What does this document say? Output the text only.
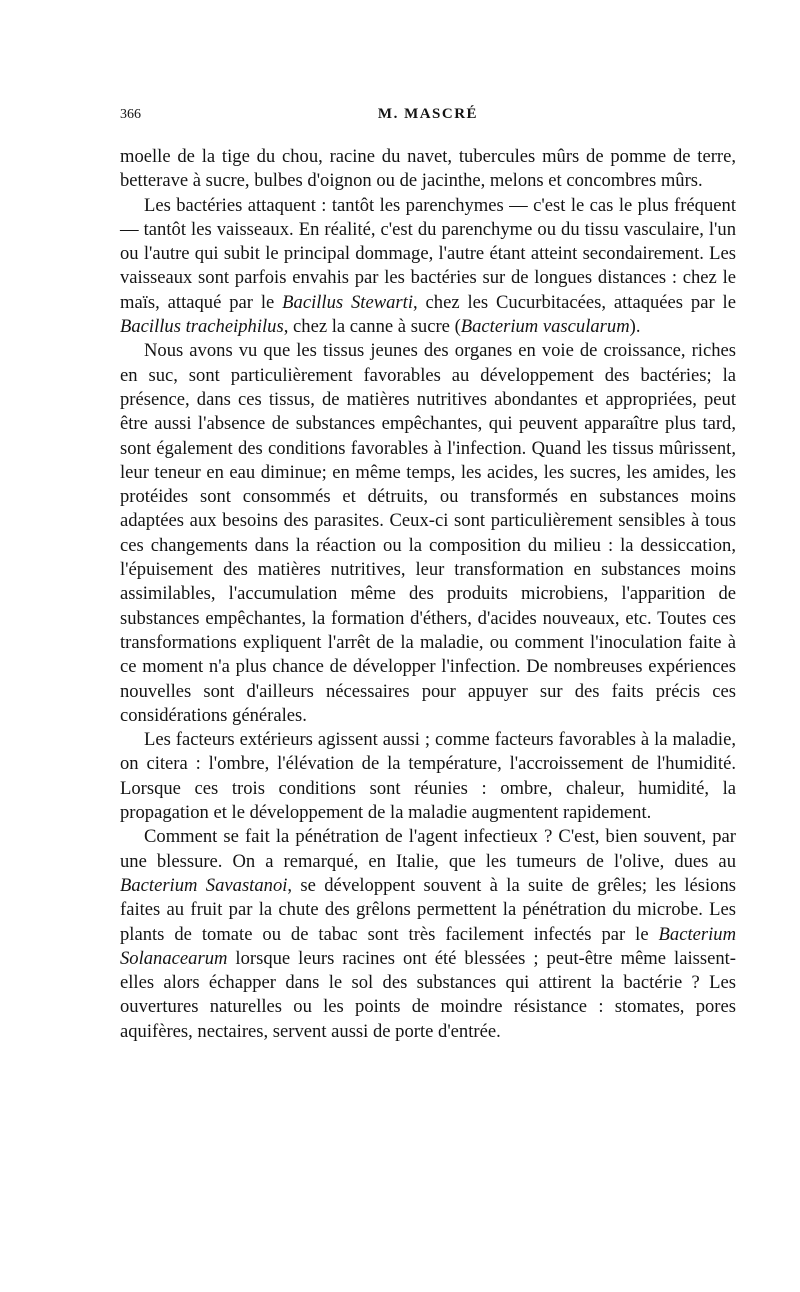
366	M. MASCRÉ

moelle de la tige du chou, racine du navet, tubercules mûrs de pomme de terre, betterave à sucre, bulbes d'oignon ou de jacinthe, melons et concombres mûrs.

Les bactéries attaquent : tantôt les parenchymes — c'est le cas le plus fréquent — tantôt les vaisseaux. En réalité, c'est du parenchyme ou du tissu vasculaire, l'un ou l'autre qui subit le principal dommage, l'autre étant atteint secondairement. Les vaisseaux sont parfois envahis par les bactéries sur de longues distances : chez le maïs, attaqué par le Bacillus Stewarti, chez les Cucurbitacées, attaquées par le Bacillus tracheiphilus, chez la canne à sucre (Bacterium vascularum).

Nous avons vu que les tissus jeunes des organes en voie de croissance, riches en suc, sont particulièrement favorables au développement des bactéries; la présence, dans ces tissus, de matières nutritives abondantes et appropriées, peut être aussi l'absence de substances empêchantes, qui peuvent apparaître plus tard, sont également des conditions favorables à l'infection. Quand les tissus mûrissent, leur teneur en eau diminue; en même temps, les acides, les sucres, les amides, les protéides sont consommés et détruits, ou transformés en substances moins adaptées aux besoins des parasites. Ceux-ci sont particulièrement sensibles à tous ces changements dans la réaction ou la composition du milieu : la dessiccation, l'épuisement des matières nutritives, leur transformation en substances moins assimilables, l'accumulation même des produits microbiens, l'apparition de substances empêchantes, la formation d'éthers, d'acides nouveaux, etc. Toutes ces transformations expliquent l'arrêt de la maladie, ou comment l'inoculation faite à ce moment n'a plus chance de développer l'infection. De nombreuses expériences nouvelles sont d'ailleurs nécessaires pour appuyer sur des faits précis ces considérations générales.

Les facteurs extérieurs agissent aussi ; comme facteurs favorables à la maladie, on citera : l'ombre, l'élévation de la température, l'accroissement de l'humidité. Lorsque ces trois conditions sont réunies : ombre, chaleur, humidité, la propagation et le développement de la maladie augmentent rapidement.

Comment se fait la pénétration de l'agent infectieux ? C'est, bien souvent, par une blessure. On a remarqué, en Italie, que les tumeurs de l'olive, dues au Bacterium Savastanoi, se développent souvent à la suite de grêles; les lésions faites au fruit par la chute des grêlons permettent la pénétration du microbe. Les plants de tomate ou de tabac sont très facilement infectés par le Bacterium Solanacearum lorsque leurs racines ont été blessées ; peut-être même laissent-elles alors échapper dans le sol des substances qui attirent la bactérie ? Les ouvertures naturelles ou les points de moindre résistance : stomates, pores aquifères, nectaires, servent aussi de porte d'entrée.
